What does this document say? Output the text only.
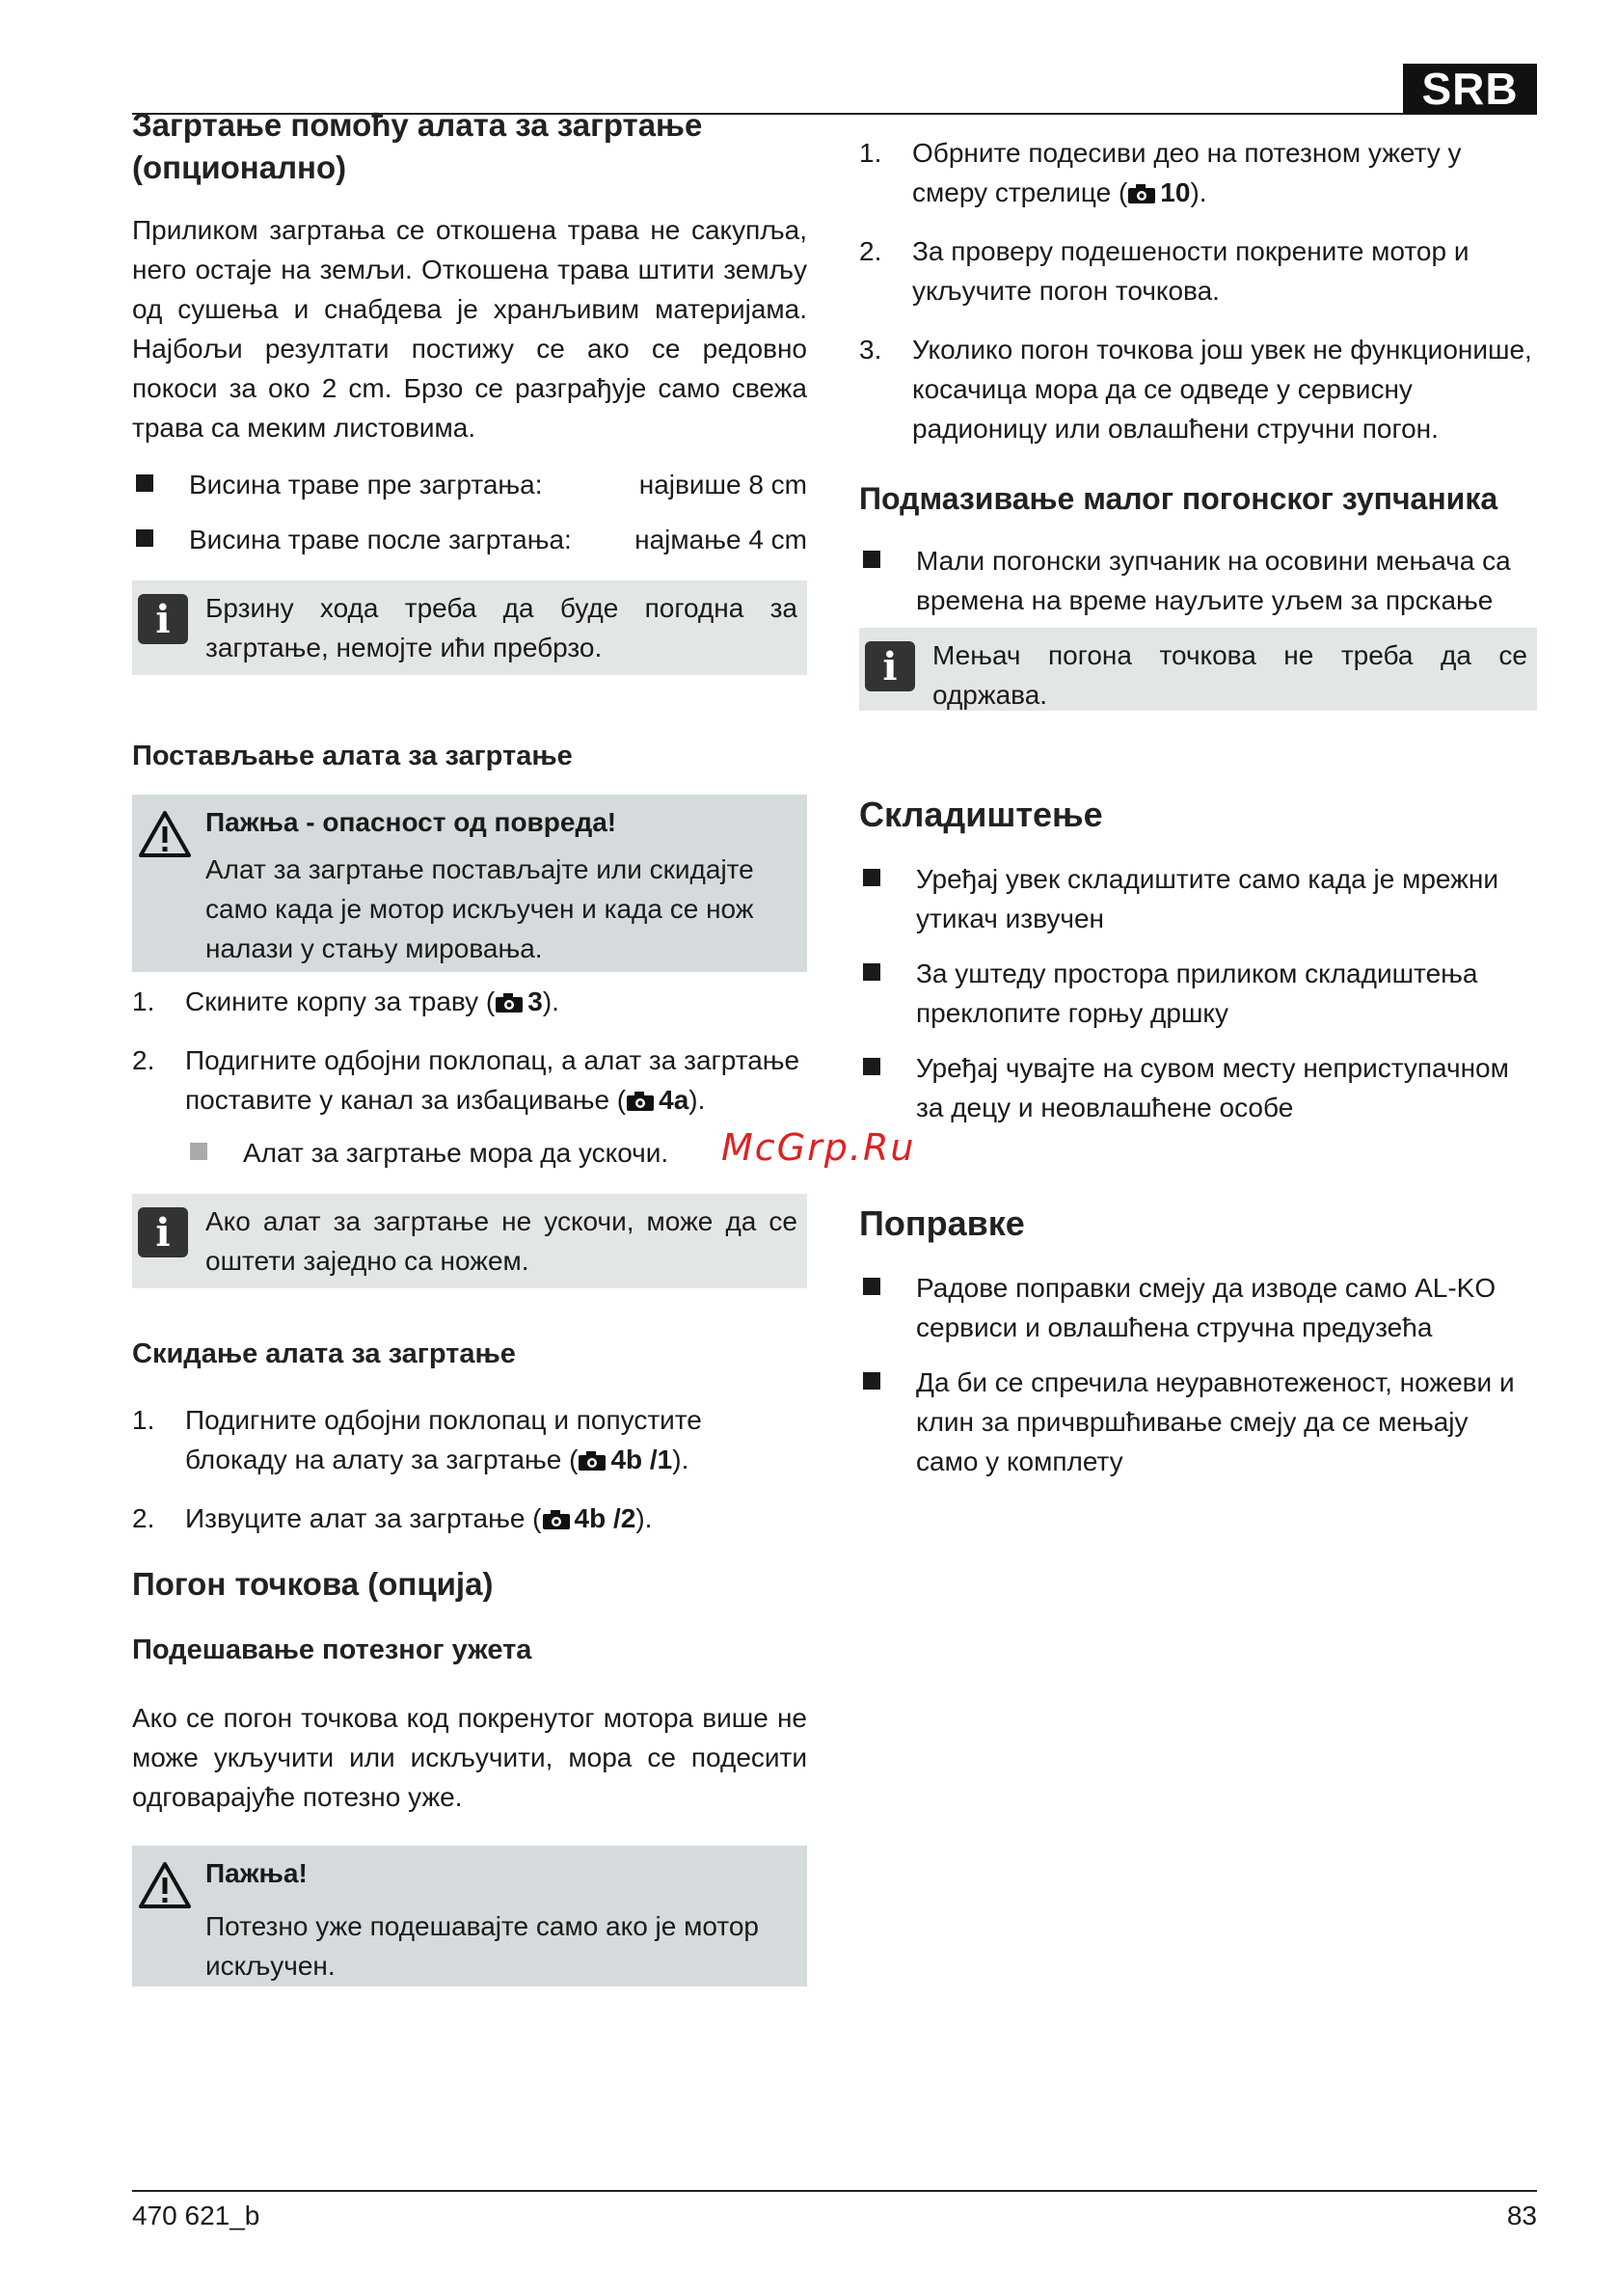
SRB
Загртање помоћу алата за загртање (опционално)

Приликом загртања се откошена трава не сакупља, него остаје на земљи. Откошена трава штити земљу од сушења и снабдева је хранљивим материјама. Најбољи резултати постижу се ако се редовно покоси за око 2 cm. Брзо се разграђује само свежа трава са меким листовима.

Висина траве пре загртања:	највише 8 cm
Висина траве после загртања: најмање 4 cm
i	Брзину хода треба да буде погодна за загртање, немојте ићи пребрзо.
Постављање алата за загртање
Пажња - опасност од повреда!
Алат за загртање постављајте или скидајте само када је мотор искључен и када се нож налази у стању мировања.
1.	Скините корпу за траву ( 3).
2.	Подигните одбојни поклопац, а алат за загртање поставите у канал за избацивање ( 4a).
Алат за загртање мора да ускочи.
i	Ако алат за загртање не ускочи, може да се оштети заједно са ножем.
Скидање алата за загртање
1.	Подигните одбојни поклопац и попустите блокаду на алату за загртање ( 4b /1).
2.	Извуците алат за загртање ( 4b /2).
Погон точкова (опција)
Подешавање потезног ужета

Ако се погон точкова код покренутог мотора више не може укључити или искључити, мора се подесити одговарајуће потезно уже.

Пажња!
Потезно уже подешавајте само ако је мотор искључен.
1.	Обрните подесиви део на потезном ужету у смеру стрелице ( 10).
2.	За проверу подешености покрените мотор и укључите погон точкова.
3.	Уколико погон точкова још увек не функционише, косачица мора да се одведе у сервисну радионицу или овлашћени стручни погон.
Подмазивање малог погонског зупчаника
Мали погонски зупчаник на осовини мењача са времена на време науљите уљем за прскање
i	Мењач погона точкова не треба да се одржава.
Складиштење
Уређај увек складиштите само када је мрежни утикач извучен
За уштеду простора приликом складиштења преклопите горњу дршку
Уређај чувајте на сувом месту неприступачном за децу и неовлашћене особе
Поправке
Радове поправки смеју да изводе само AL-KO сервиси и овлашћена стручна предузећа
Да би се спречила неуравнотеженост, ножеви и клин за причвршћивање смеју да се мењају само у комплету
McGrp.Ru
470 621_b	83
